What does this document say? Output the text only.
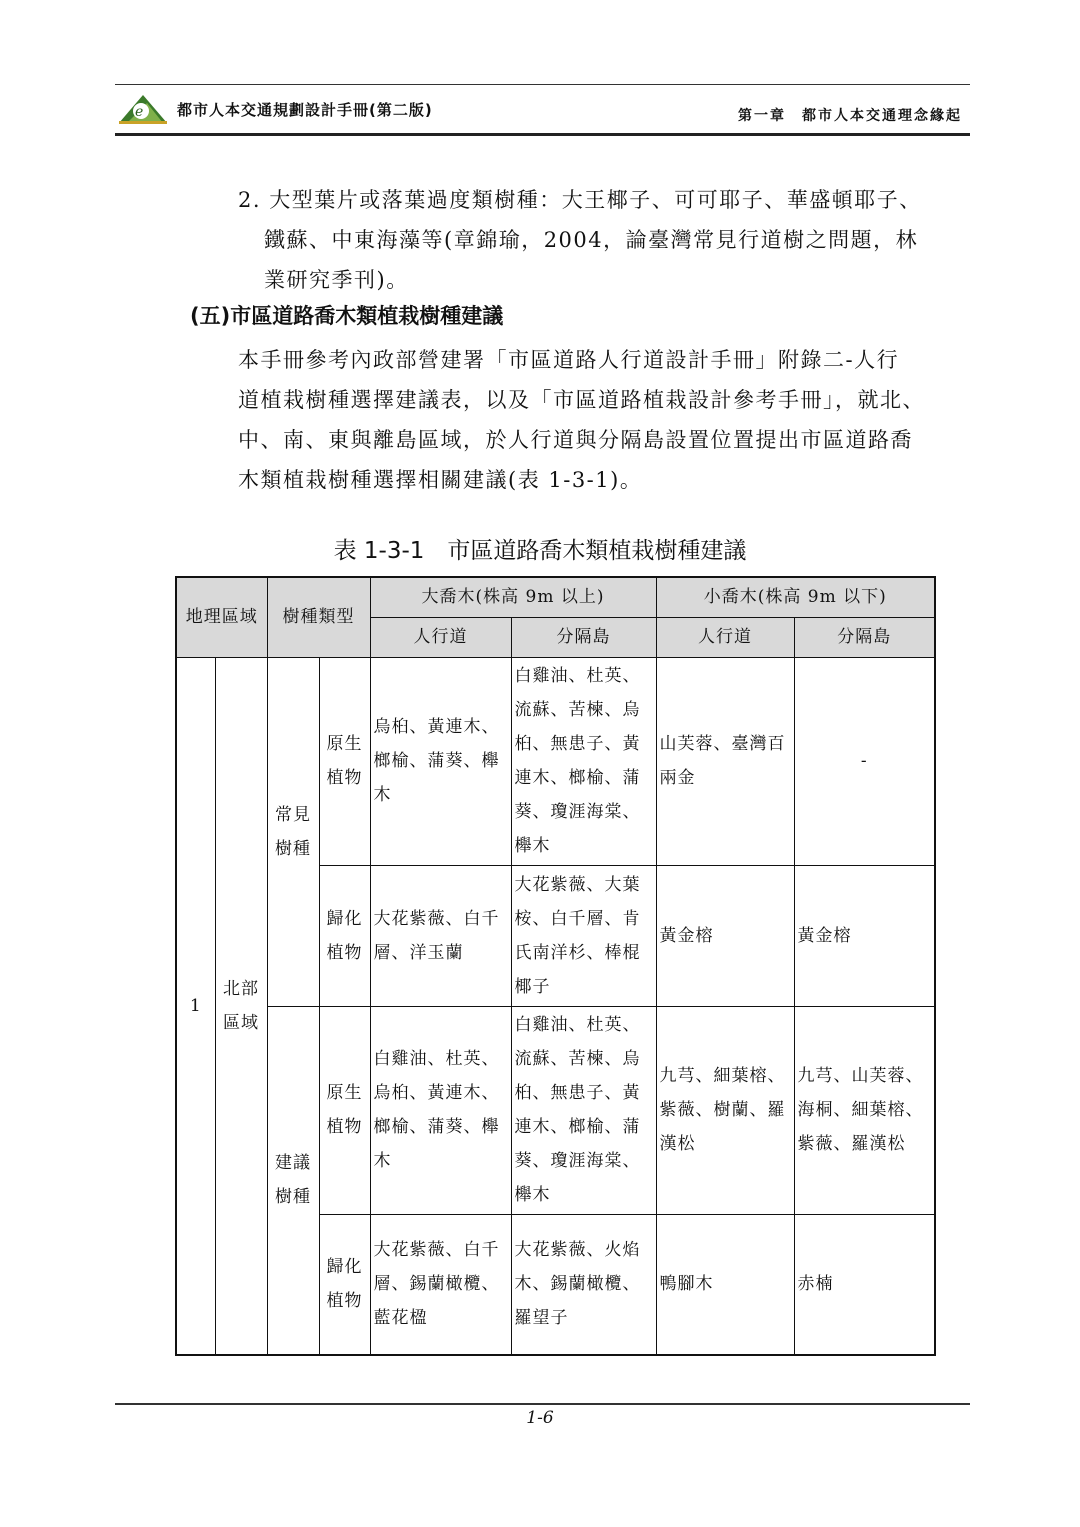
e 都市人本交通規劃設計手冊(第二版)	第一章　都市人本交通理念緣起
2. 大型葉片或落葉過度類樹種：大王椰子、可可耶子、華盛頓耶子、
鐵蘇、中東海藻等(章錦瑜，2004，論臺灣常見行道樹之問題，林
業研究季刊)。
(五)市區道路喬木類植栽樹種建議
本手冊參考內政部營建署「市區道路人行道設計手冊」附錄二-人行
道植栽樹種選擇建議表，以及「市區道路植栽設計參考手冊」，就北、
中、南、東與離島區域，於人行道與分隔島設置位置提出市區道路喬
木類植栽樹種選擇相關建議(表 1-3-1)。
表 1-3-1　市區道路喬木類植栽樹種建議
地理區域		樹種類型		大喬木(株高 9m 以上)		小喬木(株高 9m 以下)	
				人行道	分隔島	人行道	分隔島
1	北部區域	常見樹種	原生植物	烏桕、黃連木、榔榆、蒲葵、櫸木	白雞油、杜英、流蘇、苦楝、烏桕、無患子、黃連木、榔榆、蒲葵、瓊涯海棠、櫸木	山芙蓉、臺灣百兩金	-
			歸化植物	大花紫薇、白千層、洋玉蘭	大花紫薇、大葉桉、白千層、肯氏南洋杉、棒棍椰子	黃金榕	黃金榕
		建議樹種	原生植物	白雞油、杜英、烏桕、黃連木、榔榆、蒲葵、櫸木	白雞油、杜英、流蘇、苦楝、烏桕、無患子、黃連木、榔榆、蒲葵、瓊涯海棠、櫸木	九芎、細葉榕、紫薇、樹蘭、羅漢松	九芎、山芙蓉、海桐、細葉榕、紫薇、羅漢松
			歸化植物	大花紫薇、白千層、錫蘭橄欖、藍花楹	大花紫薇、火焰木、錫蘭橄欖、羅望子	鴨腳木	赤楠
1-6
